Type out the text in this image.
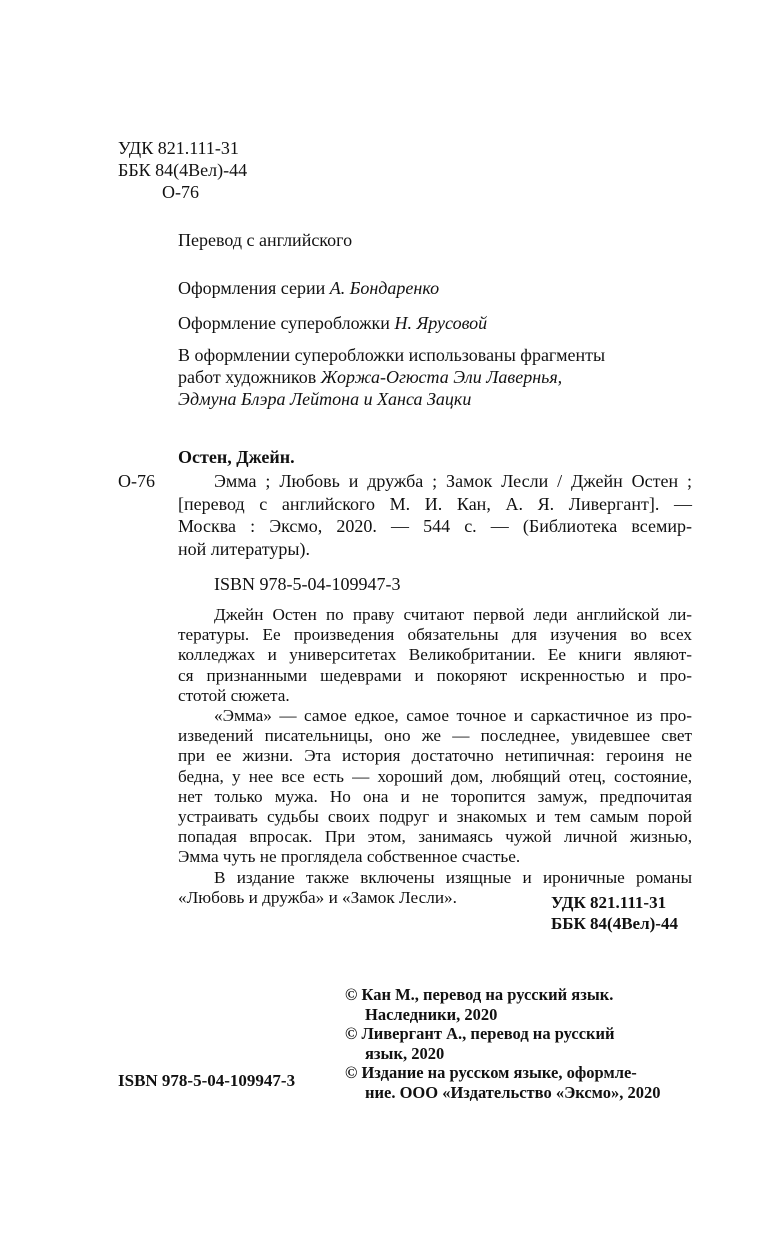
УДК 821.111-31
ББК 84(4Вел)-44
О-76
Перевод с английского
Оформления серии А. Бондаренко
Оформление суперобложки Н. Ярусовой
В оформлении суперобложки использованы фрагменты
работ художников Жоржа-Огюста Эли Лавернья,
Эдмуна Блэра Лейтона и Ханса Зацки
Остен, Джейн.
О-76	Эмма ; Любовь и дружба ; Замок Лесли / Джейн Остен ;
[перевод с английского М. И. Кан, А. Я. Ливергант]. —
Москва : Эксмо, 2020. — 544 с. — (Библиотека всемир-
ной литературы).
ISBN 978-5-04-109947-3
Джейн Остен по праву считают первой леди английской ли-
тературы. Ее произведения обязательны для изучения во всех
колледжах и университетах Великобритании. Ее книги являют-
ся признанными шедеврами и покоряют искренностью и про-
стотой сюжета.
«Эмма» — самое едкое, самое точное и саркастичное из про-
изведений писательницы, оно же — последнее, увидевшее свет
при ее жизни. Эта история достаточно нетипичная: героиня не
бедна, у нее все есть — хороший дом, любящий отец, состояние,
нет только мужа. Но она и не торопится замуж, предпочитая
устраивать судьбы своих подруг и знакомых и тем самым порой
попадая впросак. При этом, занимаясь чужой личной жизнью,
Эмма чуть не проглядела собственное счастье.
В издание также включены изящные и ироничные романы
«Любовь и дружба» и «Замок Лесли».	УДК 821.111-31
ББК 84(4Вел)-44
© Кан М., перевод на русский язык.
Наследники, 2020
© Ливергант А., перевод на русский
язык, 2020
© Издание на русском языке, оформле-
ние. ООО «Издательство «Эксмо», 2020
ISBN 978-5-04-109947-3
